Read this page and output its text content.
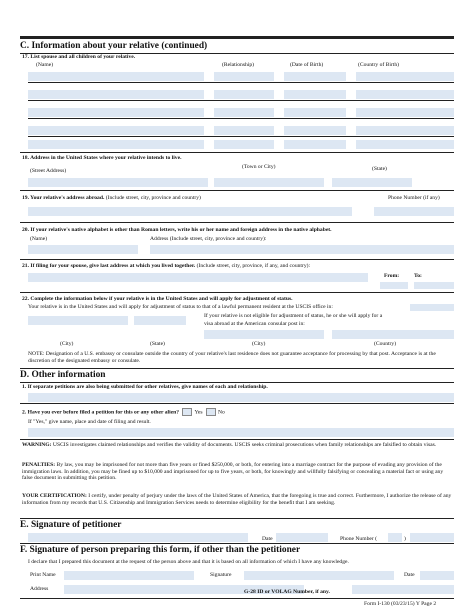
C. Information about your relative (continued)
17. List spouse and all children of your relative.
(Name)	(Relationship)	(Date of Birth)	(Country of Birth)
18. Address in the United States where your relative intends to live.
(Town or City)
(Street Address)	(State)
19. Your relative's address abroad. (Include street, city, province and country)	Phone Number (if any)
20. If your relative's native alphabet is other than Roman letters, write his or her name and foreign address in the native alphabet.
(Name)	Address (Include street, city, province and country):
21. If filing for your spouse, give last address at which you lived together. (Include street, city, province, if any, and country):
From:	To:
22. Complete the information below if your relative is in the United States and will apply for adjustment of status.
Your relative is in the United States and will apply for adjustment of status to that of a lawful permanent resident at the USCIS office in:
If your relative is not eligible for adjustment of status, he or she will apply for a
visa abroad at the American consular post in:
(City)	(State)	(City)	(Country)
NOTE: Designation of a U.S. embassy or consulate outside the country of your relative's last residence does not guarantee acceptance for processing by that post. Acceptance is at the discretion of the designated embassy or consulate.
D. Other information
1. If separate petitions are also being submitted for other relatives, give names of each and relationship.
2. Have you ever before filed a petition for this or any other alien?	Yes	No
If "Yes," give name, place and date of filing and result.
WARNING: USCIS investigates claimed relationships and verifies the validity of documents. USCIS seeks criminal prosecutions when family relationships are falsified to obtain visas.
PENALTIES: By law, you may be imprisoned for not more than five years or fined $250,000, or both, for entering into a marriage contract for the purpose of evading any provision of the immigration laws. In addition, you may be fined up to $10,000 and imprisoned for up to five years, or both, for knowingly and willfully falsifying or concealing a material fact or using any false document in submitting this petition.
YOUR CERTIFICATION: I certify, under penalty of perjury under the laws of the United States of America, that the foregoing is true and correct. Furthermore, I authorize the release of any information from my records that U.S. Citizenship and Immigration Services needs to determine eligibility for the benefit that I am seeking.
E. Signature of petitioner
Date	Phone Number (	)
F. Signature of person preparing this form, if other than the petitioner
I declare that I prepared this document at the request of the person above and that it is based on all information of which I have any knowledge.
Print Name	Signature	Date
Address	G-28 ID or VOLAG Number, if any.
Form I-130 (03/23/15) Y Page 2
